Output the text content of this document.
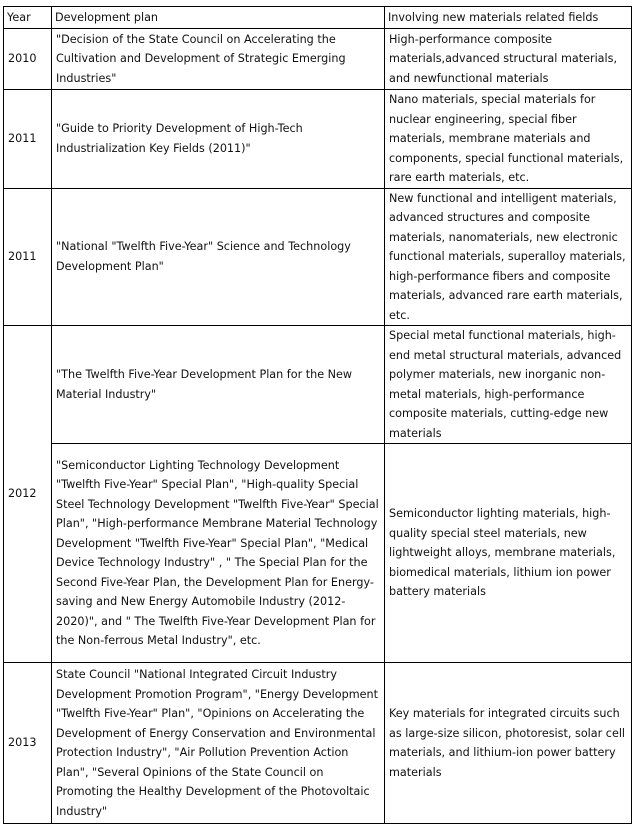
Year	Development plan	Involving new materials related fields
2010	"Decision of the State Council on Accelerating the Cultivation and Development of Strategic Emerging Industries"	High-performance composite materials,advanced structural materials, and newfunctional materials
2011	"Guide to Priority Development of High-Tech Industrialization Key Fields (2011)"	Nano materials, special materials for nuclear engineering, special fiber materials, membrane materials and components, special functional materials, rare earth materials, etc.
2011	"National "Twelfth Five-Year" Science and Technology Development Plan"	New functional and intelligent materials, advanced structures and composite materials, nanomaterials, new electronic functional materials, superalloy materials, high-performance fibers and composite materials, advanced rare earth materials, etc.
2012	"The Twelfth Five-Year Development Plan for the New Material Industry"	Special metal functional materials, high-end metal structural materials, advanced polymer materials, new inorganic non-metal materials, high-performance composite materials, cutting-edge new materials
	"Semiconductor Lighting Technology Development "Twelfth Five-Year" Special Plan", "High-quality Special Steel Technology Development "Twelfth Five-Year" Special Plan", "High-performance Membrane Material Technology Development "Twelfth Five-Year" Special Plan", "Medical Device Technology Industry" , " The Special Plan for the Second Five-Year Plan, the Development Plan for Energy-saving and New Energy Automobile Industry (2012-2020)", and " The Twelfth Five-Year Development Plan for the Non-ferrous Metal Industry", etc.	Semiconductor lighting materials, high-quality special steel materials, new lightweight alloys, membrane materials, biomedical materials, lithium ion power battery materials
2013	State Council "National Integrated Circuit Industry Development Promotion Program", "Energy Development "Twelfth Five-Year" Plan", "Opinions on Accelerating the Development of Energy Conservation and Environmental Protection Industry", "Air Pollution Prevention Action Plan", "Several Opinions of the State Council on Promoting the Healthy Development of the Photovoltaic Industry"	Key materials for integrated circuits such as large-size silicon, photoresist, solar cell materials, and lithium-ion power battery materials
